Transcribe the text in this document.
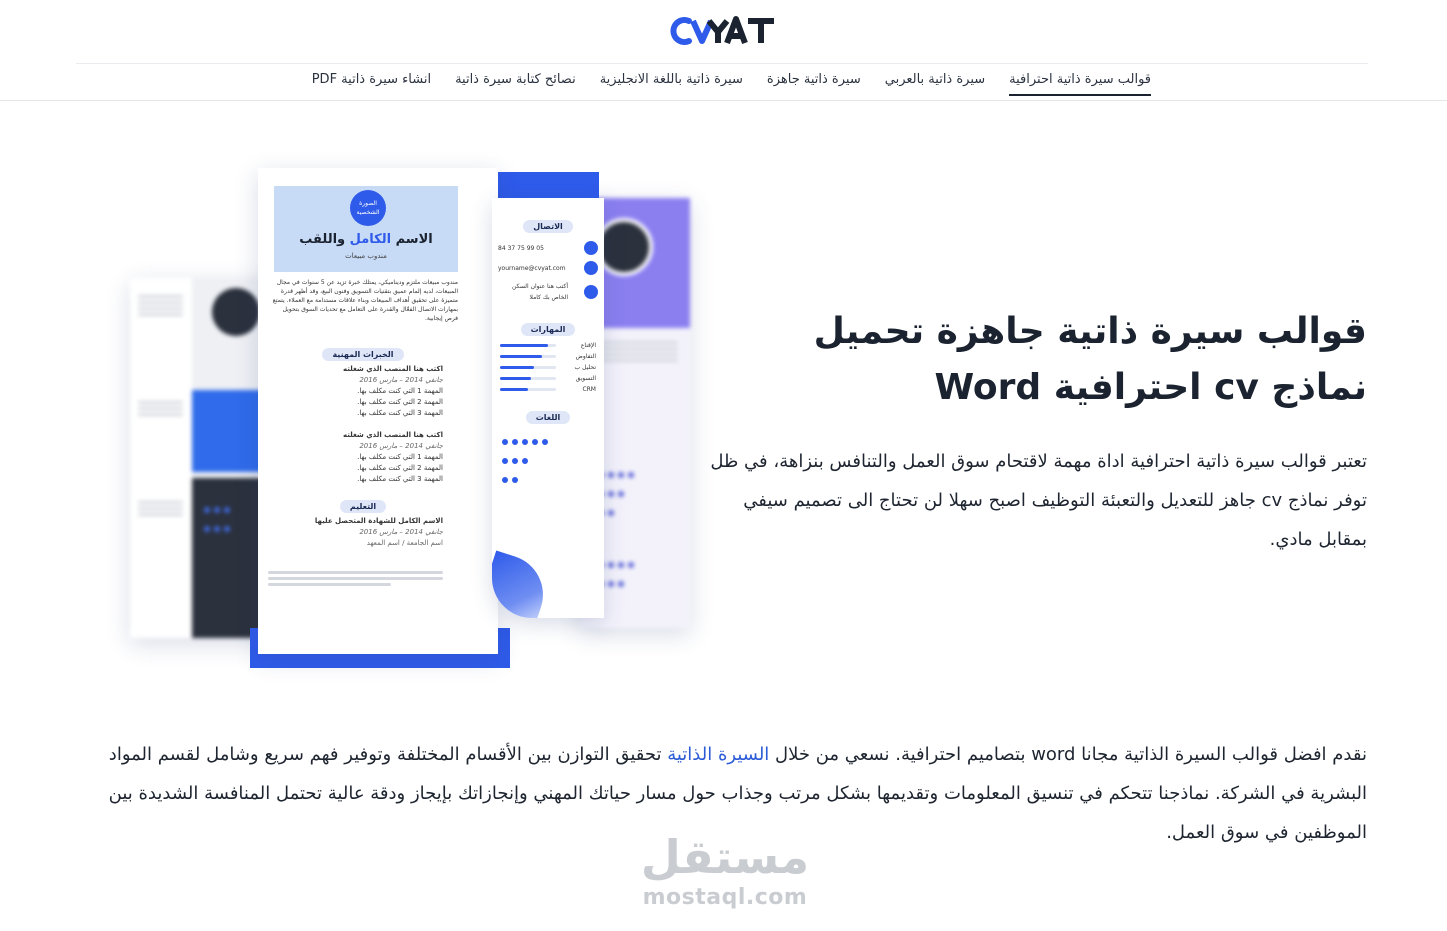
قوالب سيرة ذاتية احترافية
سيرة ذاتية بالعربي
سيرة ذاتية جاهزة
سيرة ذاتية باللغة الانجليزية
نصائح كتابة سيرة ذاتية
انشاء سيرة ذاتية PDF
قوالب سيرة ذاتية جاهزة تحميل نماذج cv احترافية Word

تعتبر قوالب سيرة ذاتية احترافية اداة مهمة لاقتحام سوق العمل والتنافس بنزاهة، في ظل توفر نماذج cv جاهز للتعديل والتعبئة التوظيف اصبح سهلا لن تحتاج الى تصميم سيفي بمقابل مادي.

الصورة الشخصية
الاسم الكامل واللقب
مندوب مبيعات
مندوب مبيعات ملتزم وديناميكي، يمتلك خبرة تزيد عن 5 سنوات في مجال المبيعات، لديه إلمام عميق بتقنيات التسويق وفنون البيع، وقد أظهر قدرة متميزة على تحقيق أهداف المبيعات وبناء علاقات مستدامة مع العملاء. يتمتع بمهارات الاتصال الفعّال والقدرة على التعامل مع تحديات السوق بتحويل فرص إيجابية.
الخبرات المهنية
اكتب هنا المنصب الذي شغلته
جانفي 2014 – مارس 2016
المهمة 1 التي كنت مكلف بها.
المهمة 2 التي كنت مكلف بها.
المهمة 3 التي كنت مكلف بها.
اكتب هنا المنصب الذي شغلته
جانفي 2014 – مارس 2016
المهمة 1 التي كنت مكلف بها.
المهمة 2 التي كنت مكلف بها.
المهمة 3 التي كنت مكلف بها.
التعليم
الاسم الكامل للشهادة المتحصل عليها
جانفي 2014 – مارس 2016
اسم الجامعة / اسم المعهد
الاتصال
05 99 75 37 84
yourname@cvyat.com
أكتب هنا عنوان السكن الخاص بك كاملا
المهارات
الإقناع
التفاوض
تحليل ب
التسويق
CRM
اللغات

نقدم افضل قوالب السيرة الذاتية مجانا word بتصاميم احترافية. نسعي من خلال السيرة الذاتية تحقيق التوازن بين الأقسام المختلفة وتوفير فهم سريع وشامل لقسم المواد البشرية في الشركة. نماذجنا تتحكم في تنسيق المعلومات وتقديمها بشكل مرتب وجذاب حول مسار حياتك المهني وإنجازاتك بإيجاز ودقة عالية تحتمل المنافسة الشديدة بين الموظفين في سوق العمل.

مستقل
mostaql.com
